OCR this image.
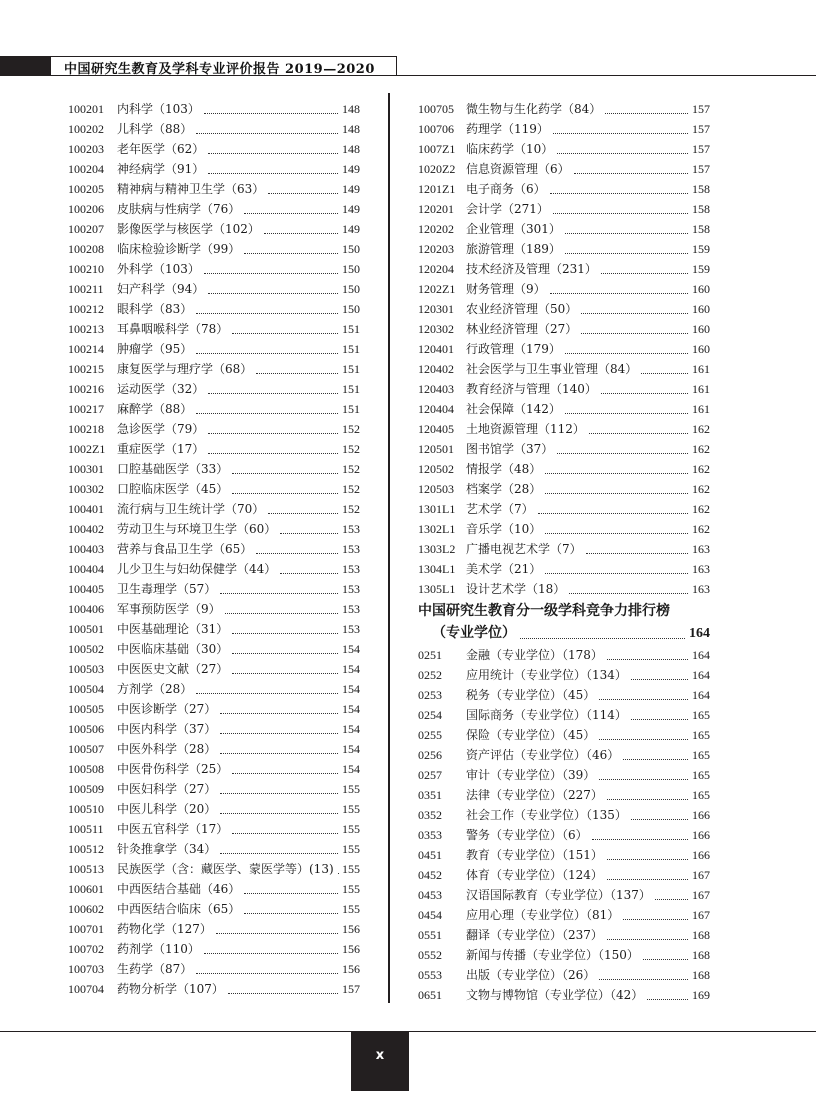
中国研究生教育及学科专业评价报告 2019—2020
100201	内科学（103）	148
100202	儿科学（88）	148
100203	老年医学（62）	148
100204	神经病学（91）	149
100205	精神病与精神卫生学（63）	149
100206	皮肤病与性病学（76）	149
100207	影像医学与核医学（102）	149
100208	临床检验诊断学（99）	150
100210	外科学（103）	150
100211	妇产科学（94）	150
100212	眼科学（83）	150
100213	耳鼻咽喉科学（78）	151
100214	肿瘤学（95）	151
100215	康复医学与理疗学（68）	151
100216	运动医学（32）	151
100217	麻醉学（88）	151
100218	急诊医学（79）	152
1002Z1 重症医学（17）	152
100301	口腔基础医学（33）	152
100302	口腔临床医学（45）	152
100401	流行病与卫生统计学（70）	152
100402	劳动卫生与环境卫生学（60）	153
100403	营养与食品卫生学（65）	153
100404	儿少卫生与妇幼保健学（44）	153
100405	卫生毒理学（57）	153
100406	军事预防医学（9）	153
100501	中医基础理论（31）	153
100502	中医临床基础（30）	154
100503	中医医史文献（27）	154
100504	方剂学（28）	154
100505	中医诊断学（27）	154
100506	中医内科学（37）	154
100507	中医外科学（28）	154
100508	中医骨伤科学（25）	154
100509	中医妇科学（27）	155
100510	中医儿科学（20）	155
100511	中医五官科学（17）	155
100512	针灸推拿学（34）	155
100513	民族医学（含：藏医学、蒙医学等）(13) 155
100601	中西医结合基础（46）	155
100602	中西医结合临床（65）	155
100701	药物化学（127）	156
100702	药剂学（110）	156
100703	生药学（87）	156
100704	药物分析学（107）	157
100705	微生物与生化药学（84）	157
100706	药理学（119）	157
1007Z1 临床药学（10）	157
1020Z2 信息资源管理（6）	157
1201Z1 电子商务（6）	158
120201	会计学（271）	158
120202	企业管理（301）	158
120203	旅游管理（189）	159
120204	技术经济及管理（231）	159
1202Z1 财务管理（9）	160
120301	农业经济管理（50）	160
120302	林业经济管理（27）	160
120401	行政管理（179）	160
120402	社会医学与卫生事业管理（84）	161
120403	教育经济与管理（140）	161
120404	社会保障（142）	161
120405	土地资源管理（112）	162
120501	图书馆学（37）	162
120502	情报学（48）	162
120503	档案学（28）	162
1301L1 艺术学（7）	162
1302L1 音乐学（10）	162
1303L2 广播电视艺术学（7）	163
1304L1 美术学（21）	163
1305L1 设计艺术学（18）	163
中国研究生教育分一级学科竞争力排行榜
（专业学位）	164
0251	金融（专业学位）（178）	164
0252	应用统计（专业学位）（134）	164
0253	税务（专业学位）（45）	164
0254	国际商务（专业学位）（114）	165
0255	保险（专业学位）（45）	165
0256	资产评估（专业学位）（46）	165
0257	审计（专业学位）（39）	165
0351	法律（专业学位）（227）	165
0352	社会工作（专业学位）（135）	166
0353	警务（专业学位）（6）	166
0451	教育（专业学位）（151）	166
0452	体育（专业学位）（124）	167
0453	汉语国际教育（专业学位）（137）	167
0454	应用心理（专业学位）（81）	167
0551	翻译（专业学位）（237）	168
0552	新闻与传播（专业学位）（150）	168
0553	出版（专业学位）（26）	168
0651	文物与博物馆（专业学位）（42）	169
x
